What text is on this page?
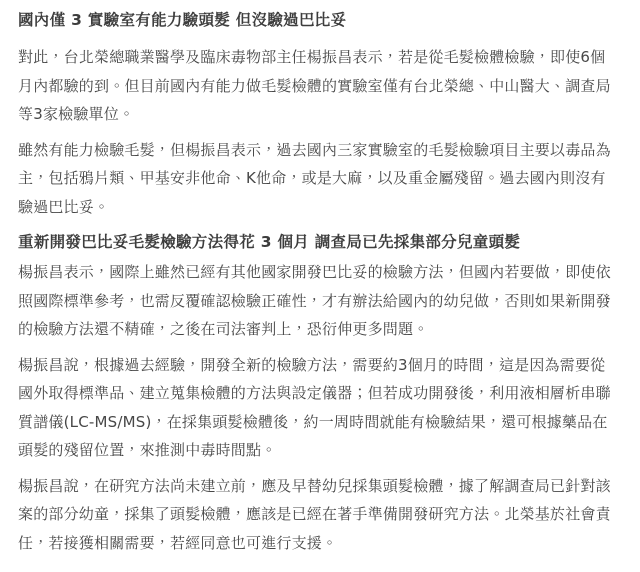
國內僅 3 實驗室有能力驗頭髮 但沒驗過巴比妥

對此，台北榮總職業醫學及臨床毒物部主任楊振昌表示，若是從毛髮檢體檢驗，即使6個月內都驗的到。但目前國內有能力做毛髮檢體的實驗室僅有台北榮總、中山醫大、調查局等3家檢驗單位。

雖然有能力檢驗毛髮，但楊振昌表示，過去國內三家實驗室的毛髮檢驗項目主要以毒品為主，包括鴉片類、甲基安非他命、K他命，或是大麻，以及重金屬殘留。過去國內則沒有驗過巴比妥。

重新開發巴比妥毛髮檢驗方法得花 3 個月 調查局已先採集部分兒童頭髮

楊振昌表示，國際上雖然已經有其他國家開發巴比妥的檢驗方法，但國內若要做，即使依照國際標準參考，也需反覆確認檢驗正確性，才有辦法給國內的幼兒做，否則如果新開發的檢驗方法還不精確，之後在司法審判上，恐衍伸更多問題。

楊振昌說，根據過去經驗，開發全新的檢驗方法，需要約3個月的時間，這是因為需要從國外取得標準品、建立蒐集檢體的方法與設定儀器；但若成功開發後，利用液相層析串聯質譜儀(LC-MS/MS)，在採集頭髮檢體後，約一周時間就能有檢驗結果，還可根據藥品在頭髮的殘留位置，來推測中毒時間點。

楊振昌說，在研究方法尚未建立前，應及早替幼兒採集頭髮檢體，據了解調查局已針對該案的部分幼童，採集了頭髮檢體，應該是已經在著手準備開發研究方法。北榮基於社會責任，若接獲相關需要，若經同意也可進行支援。
